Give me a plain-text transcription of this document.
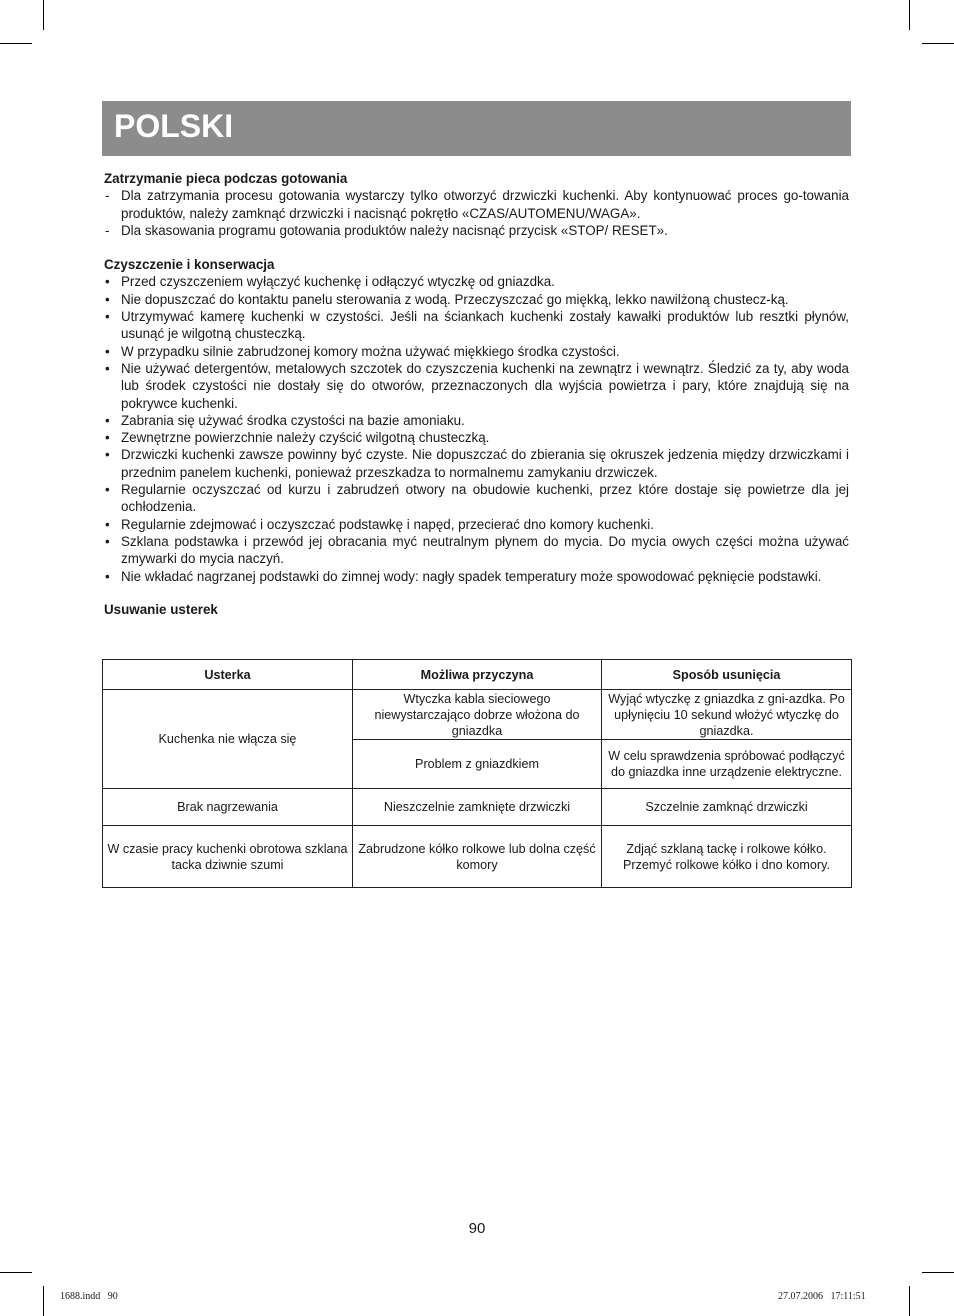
POLSKI

Zatrzymanie pieca podczas gotowania

- Dla zatrzymania procesu gotowania wystarczy tylko otworzyć drzwiczki kuchenki. Aby kontynuować proces go-towania produktów, należy zamknąć drzwiczki i nacisnąć pokrętło «CZAS/AUTOMENU/WAGA».
- Dla skasowania programu gotowania produktów należy nacisnąć przycisk «STOP/ RESET».

Czyszczenie i konserwacja

• Przed czyszczeniem wyłączyć kuchenkę i odłączyć wtyczkę od gniazdka.
• Nie dopuszczać do kontaktu panelu sterowania z wodą. Przeczyszczać go miękką, lekko nawilżoną chustecz-ką.
• Utrzymywać kamerę kuchenki w czystości. Jeśli na ściankach kuchenki zostały kawałki produktów lub resztki płynów, usunąć je wilgotną chusteczką.
• W przypadku silnie zabrudzonej komory można używać miękkiego środka czystości.
• Nie używać detergentów, metalowych szczotek do czyszczenia kuchenki na zewnątrz i wewnątrz. Śledzić za ty, aby woda lub środek czystości nie dostały się do otworów, przeznaczonych dla wyjścia powietrza i pary, które znajdują się na pokrywce kuchenki.
• Zabrania się używać środka czystości na bazie amoniaku.
• Zewnętrzne powierzchnie należy czyścić wilgotną chusteczką.
• Drzwiczki kuchenki zawsze powinny być czyste. Nie dopuszczać do zbierania się okruszek jedzenia między drzwiczkami i przednim panelem kuchenki, ponieważ przeszkadza to normalnemu zamykaniu drzwiczek.
• Regularnie oczyszczać od kurzu i zabrudzeń otwory na obudowie kuchenki, przez które dostaje się powietrze dla jej ochłodzenia.
• Regularnie zdejmować i oczyszczać podstawkę i napęd, przecierać dno komory kuchenki.
• Szklana podstawka i przewód jej obracania myć neutralnym płynem do mycia. Do mycia owych części można używać zmywarki do mycia naczyń.
• Nie wkładać nagrzanej podstawki do zimnej wody: nagły spadek temperatury może spowodować pęknięcie podstawki.

Usuwanie usterek

Usterka	Możliwa przyczyna	Sposób usunięcia
Kuchenka nie włącza się	Wtyczka kabla sieciowego niewystarczająco dobrze włożona do gniazdka	Wyjąć wtyczkę z gniazdka z gni-azdka. Po upłynięciu 10 sekund włożyć wtyczkę do gniazdka.
	Problem z gniazdkiem	W celu sprawdzenia spróbować podłączyć do gniazdka inne urządzenie elektryczne.
Brak nagrzewania	Nieszczelnie zamknięte drzwiczki	Szczelnie zamknąć drzwiczki
W czasie pracy kuchenki obrotowa szklana tacka dziwnie szumi	Zabrudzone kółko rolkowe lub dolna część komory	Zdjąć szklaną tackę i rolkowe kółko. Przemyć rolkowe kółko i dno komory.
90
1688.indd   90	27.07.2006   17:11:51
